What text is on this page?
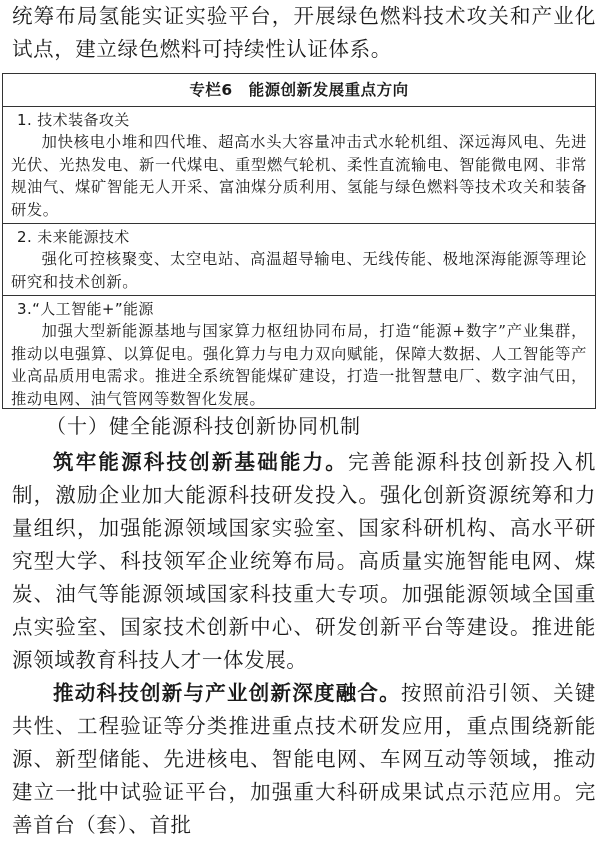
统筹布局氢能实证实验平台，开展绿色燃料技术攻关和产业化试点，建立绿色燃料可持续性认证体系。

专栏6　能源创新发展重点方向
1. 技术装备攻关
加快核电小堆和四代堆、超高水头大容量冲击式水轮机组、深远海风电、先进光伏、光热发电、新一代煤电、重型燃气轮机、柔性直流输电、智能微电网、非常规油气、煤矿智能无人开采、富油煤分质利用、氢能与绿色燃料等技术攻关和装备研发。
2. 未来能源技术
强化可控核聚变、太空电站、高温超导输电、无线传能、极地深海能源等理论研究和技术创新。
3.“人工智能+”能源
加强大型新能源基地与国家算力枢纽协同布局，打造“能源+数字”产业集群，推动以电强算、以算促电。强化算力与电力双向赋能，保障大数据、人工智能等产业高品质用电需求。推进全系统智能煤矿建设，打造一批智慧电厂、数字油气田，推动电网、油气管网等数智化发展。
（十）健全能源科技创新协同机制

筑牢能源科技创新基础能力。完善能源科技创新投入机制，激励企业加大能源科技研发投入。强化创新资源统筹和力量组织，加强能源领域国家实验室、国家科研机构、高水平研究型大学、科技领军企业统筹布局。高质量实施智能电网、煤炭、油气等能源领域国家科技重大专项。加强能源领域全国重点实验室、国家技术创新中心、研发创新平台等建设。推进能源领域教育科技人才一体发展。

推动科技创新与产业创新深度融合。按照前沿引领、关键共性、工程验证等分类推进重点技术研发应用，重点围绕新能源、新型储能、先进核电、智能电网、车网互动等领域，推动建立一批中试验证平台，加强重大科研成果试点示范应用。完善首台（套）、首批
